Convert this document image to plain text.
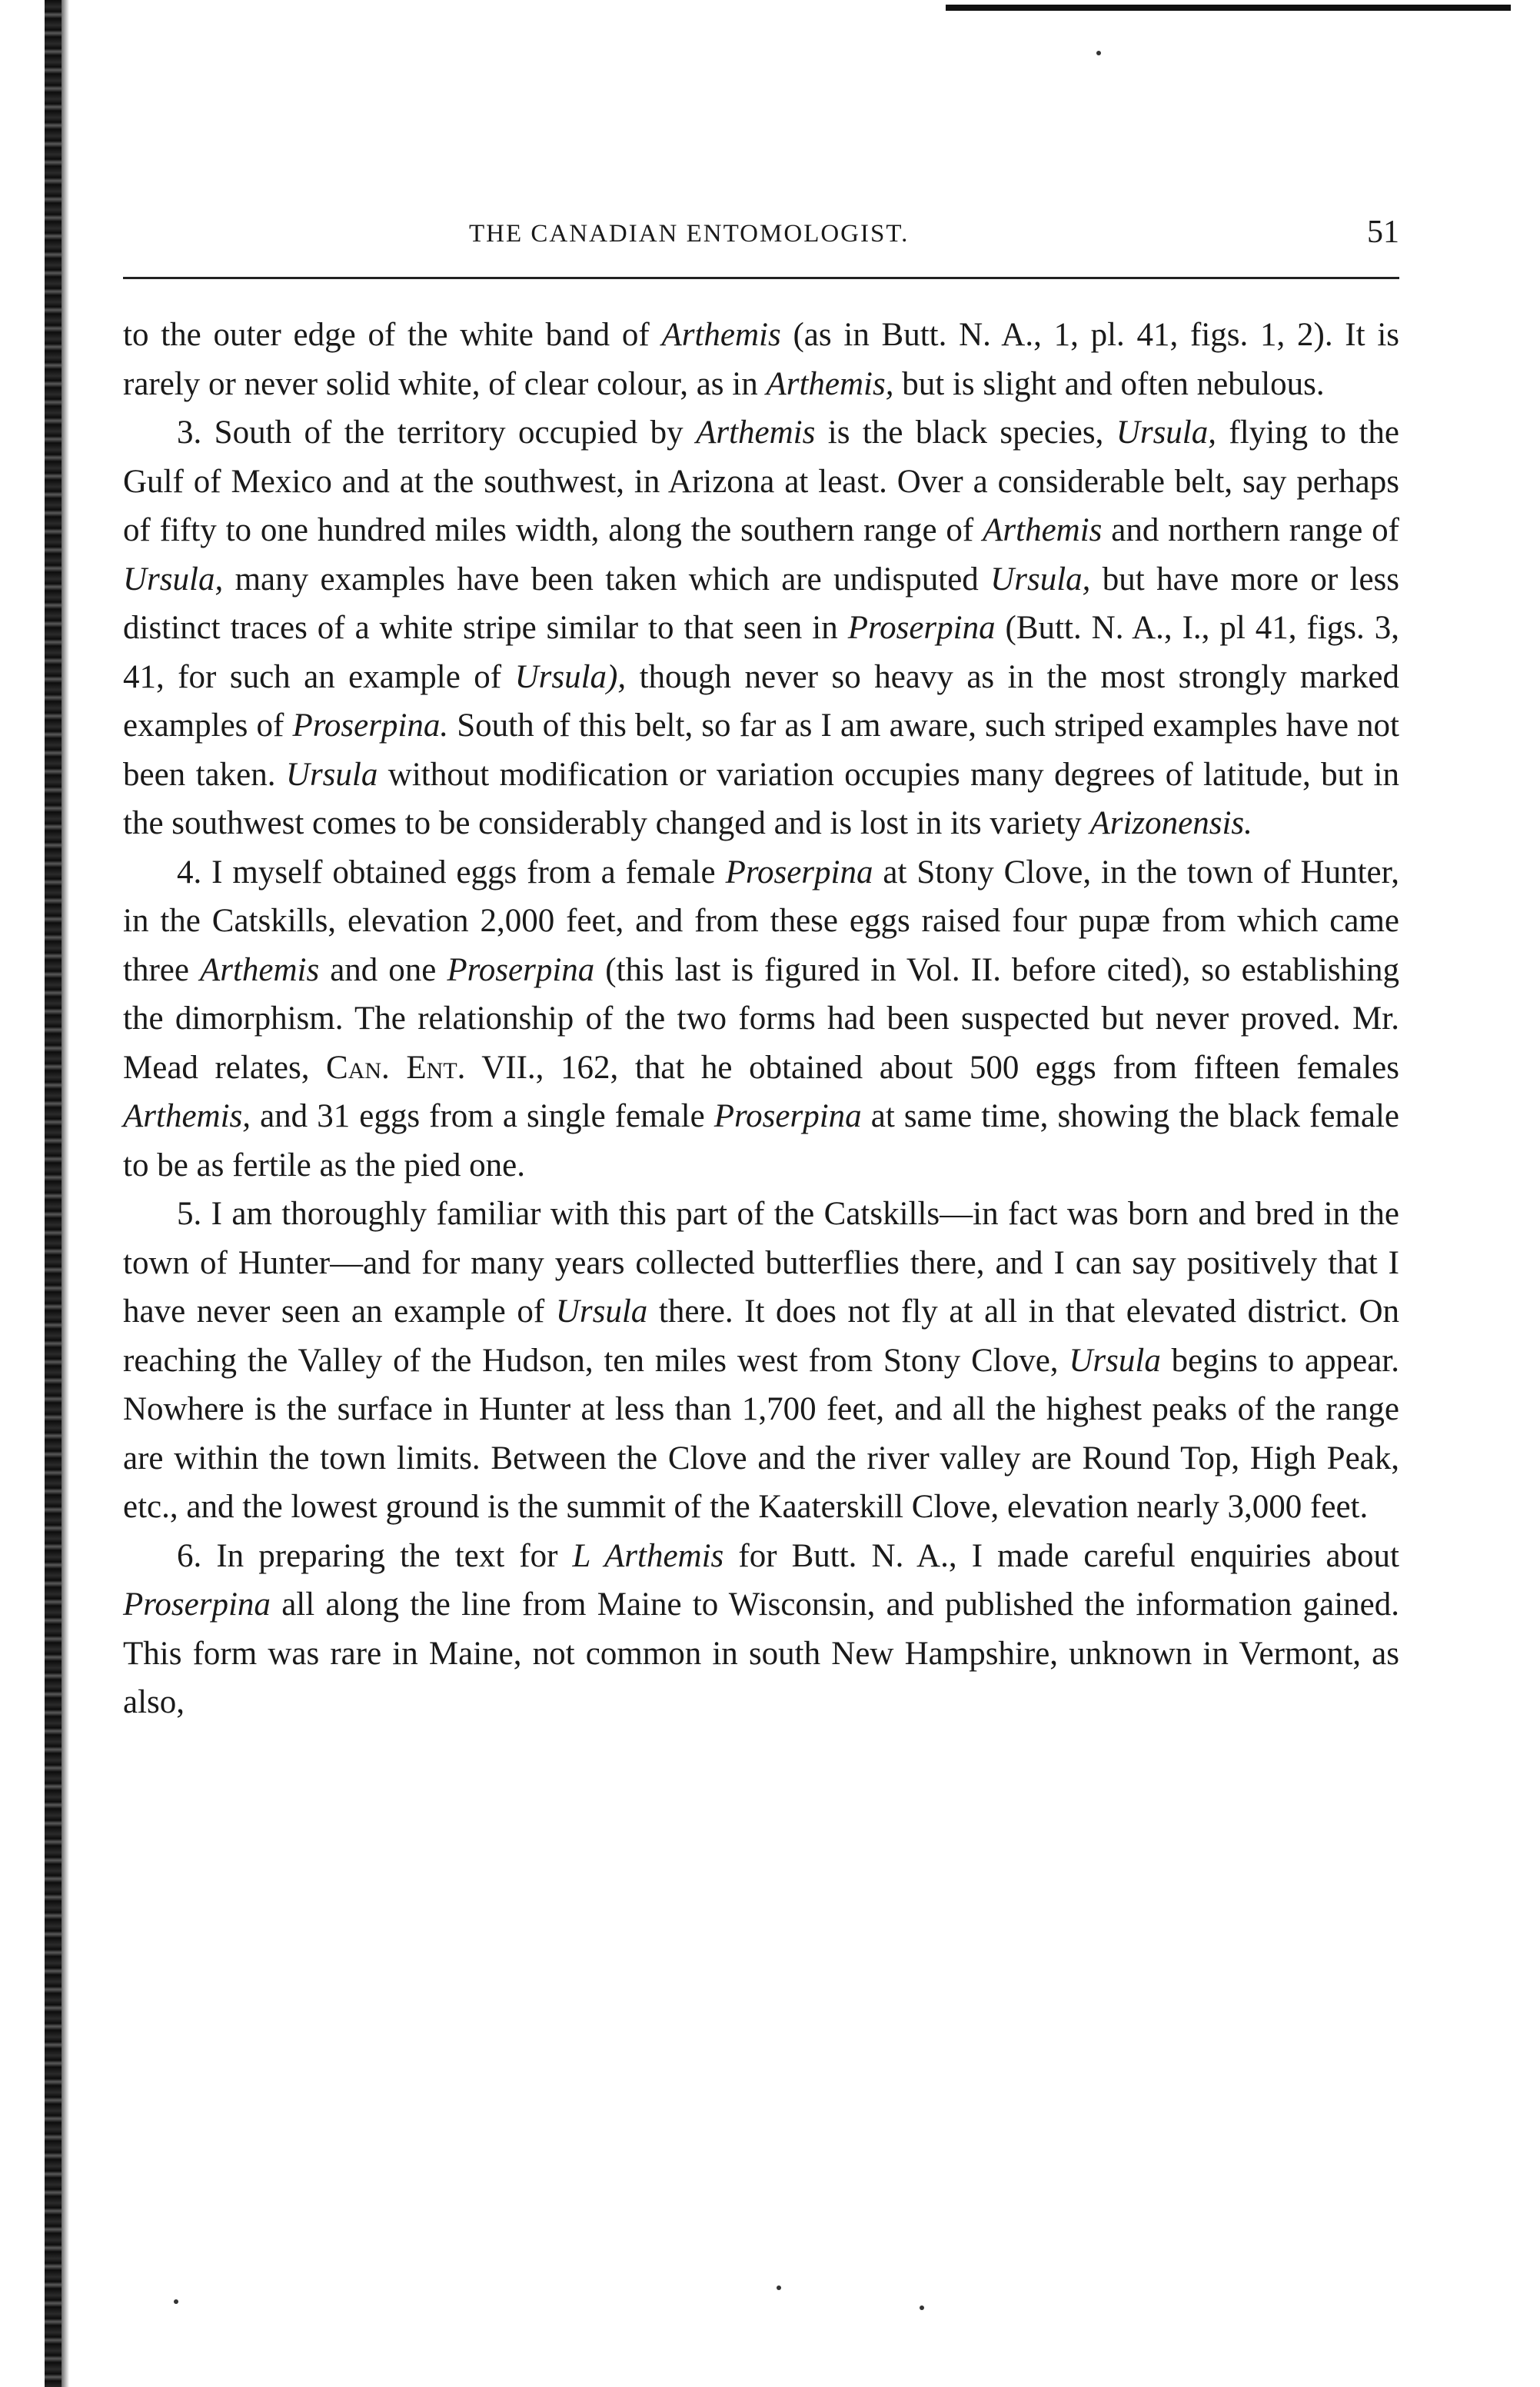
THE CANADIAN ENTOMOLOGIST.	51

to the outer edge of the white band of Arthemis (as in Butt. N. A., 1, pl. 41, figs. 1, 2). It is rarely or never solid white, of clear colour, as in Arthemis, but is slight and often nebulous.

3. South of the territory occupied by Arthemis is the black species, Ursula, flying to the Gulf of Mexico and at the southwest, in Arizona at least. Over a considerable belt, say perhaps of fifty to one hundred miles width, along the southern range of Arthemis and northern range of Ursula, many examples have been taken which are undisputed Ursula, but have more or less distinct traces of a white stripe similar to that seen in Proserpina (Butt. N. A., I., pl 41, figs. 3, 41, for such an example of Ursula), though never so heavy as in the most strongly marked examples of Proserpina. South of this belt, so far as I am aware, such striped examples have not been taken. Ursula without modification or variation occupies many degrees of latitude, but in the southwest comes to be considerably changed and is lost in its variety Arizonensis.

4. I myself obtained eggs from a female Proserpina at Stony Clove, in the town of Hunter, in the Catskills, elevation 2,000 feet, and from these eggs raised four pupæ from which came three Arthemis and one Proserpina (this last is figured in Vol. II. before cited), so establishing the dimorphism. The relationship of the two forms had been suspected but never proved. Mr. Mead relates, Can. Ent. VII., 162, that he obtained about 500 eggs from fifteen females Arthemis, and 31 eggs from a single female Proserpina at same time, showing the black female to be as fertile as the pied one.

5. I am thoroughly familiar with this part of the Catskills—in fact was born and bred in the town of Hunter—and for many years collected butterflies there, and I can say positively that I have never seen an example of Ursula there. It does not fly at all in that elevated district. On reaching the Valley of the Hudson, ten miles west from Stony Clove, Ursula begins to appear. Nowhere is the surface in Hunter at less than 1,700 feet, and all the highest peaks of the range are within the town limits. Between the Clove and the river valley are Round Top, High Peak, etc., and the lowest ground is the summit of the Kaaterskill Clove, elevation nearly 3,000 feet.

6. In preparing the text for L Arthemis for Butt. N. A., I made careful enquiries about Proserpina all along the line from Maine to Wisconsin, and published the information gained. This form was rare in Maine, not common in south New Hampshire, unknown in Vermont, as also,
